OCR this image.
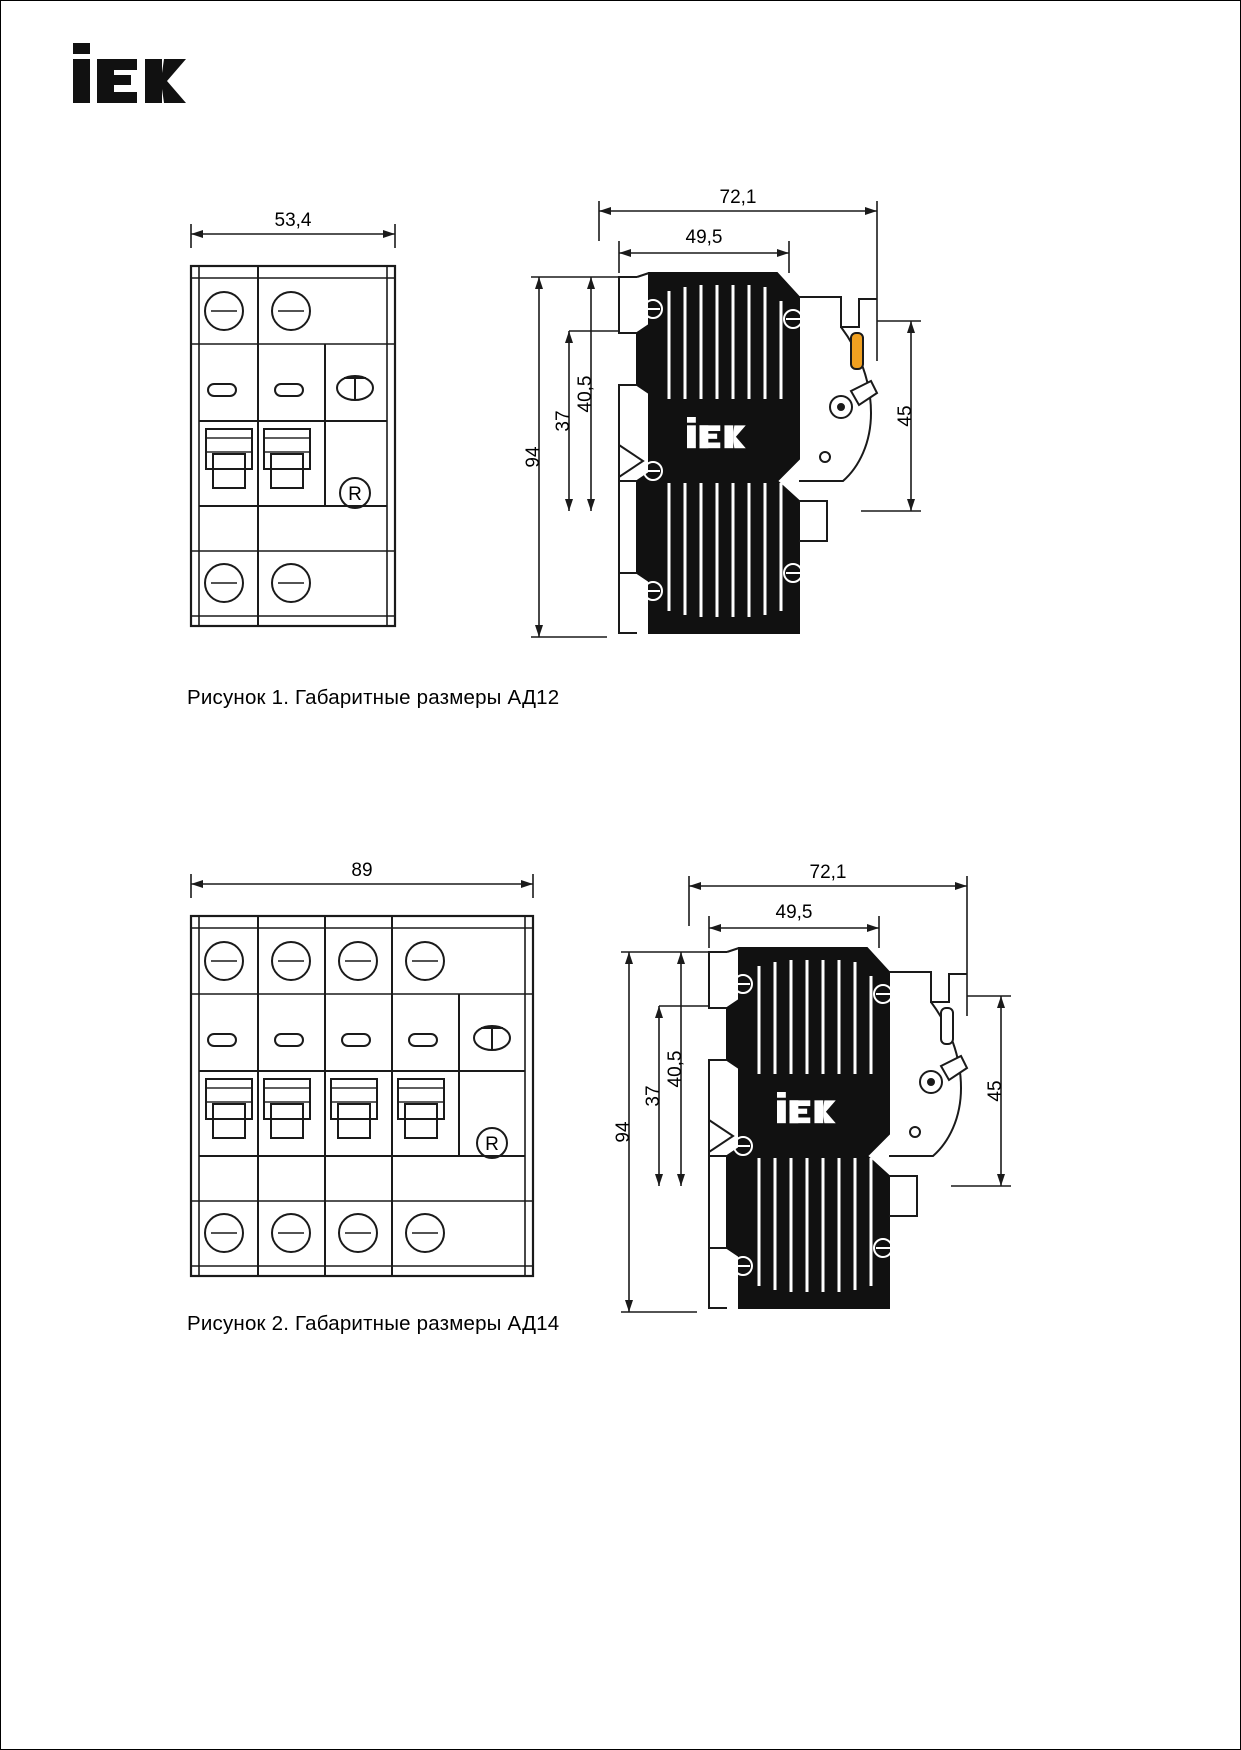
53,4
R
72,1
49,5
94
40,5
37	45
Рисунок 1. Габаритные размеры АД12
89
R
72,1
49,5
94
40,5
37	45
Рисунок 2. Габаритные размеры АД14
